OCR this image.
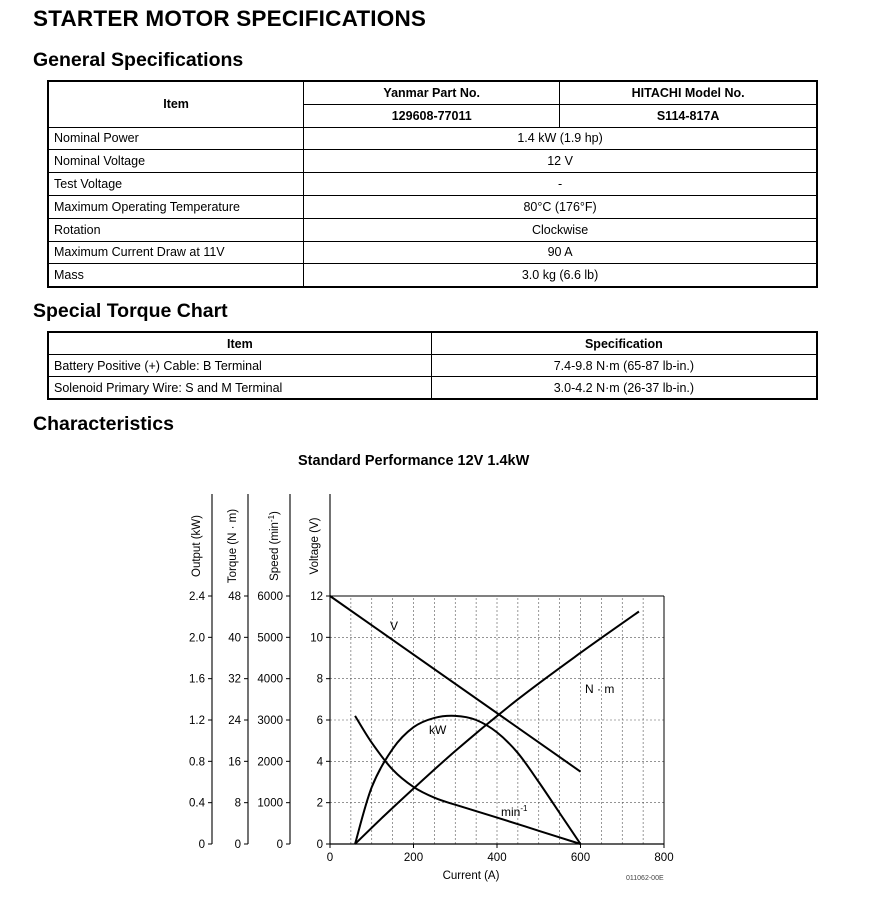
STARTER MOTOR SPECIFICATIONS
General Specifications
Item	Yanmar Part No.	HITACHI Model No.
	129608-77011	S114-817A
Nominal Power	1.4 kW (1.9 hp)	
Nominal Voltage	12 V	
Test Voltage	-	
Maximum Operating Temperature	80°C (176°F)	
Rotation	Clockwise	
Maximum Current Draw at 11V	90 A	
Mass	3.0 kg (6.6 lb)	
Special Torque Chart
Item	Specification
Battery Positive (+) Cable: B Terminal	7.4-9.8 N·m (65-87 lb-in.)
Solenoid Primary Wire: S and M Terminal	3.0-4.2 N·m (26-37 lb-in.)
Characteristics
Standard Performance 12V 1.4kW
0	200	400	600	800
Current (A)
0
0.4
0.8
1.2
1.6
2.0
2.4
Output (kW)
0
8
16
24
32
40
48
Torque (N · m)
0
1000
2000
3000
4000
5000
6000
Speed $(\min^{-1})$
0
2
4
6
8
10
12
Voltage (V)
V
N · m
kW
$\min^{-1}$
011062-00E
